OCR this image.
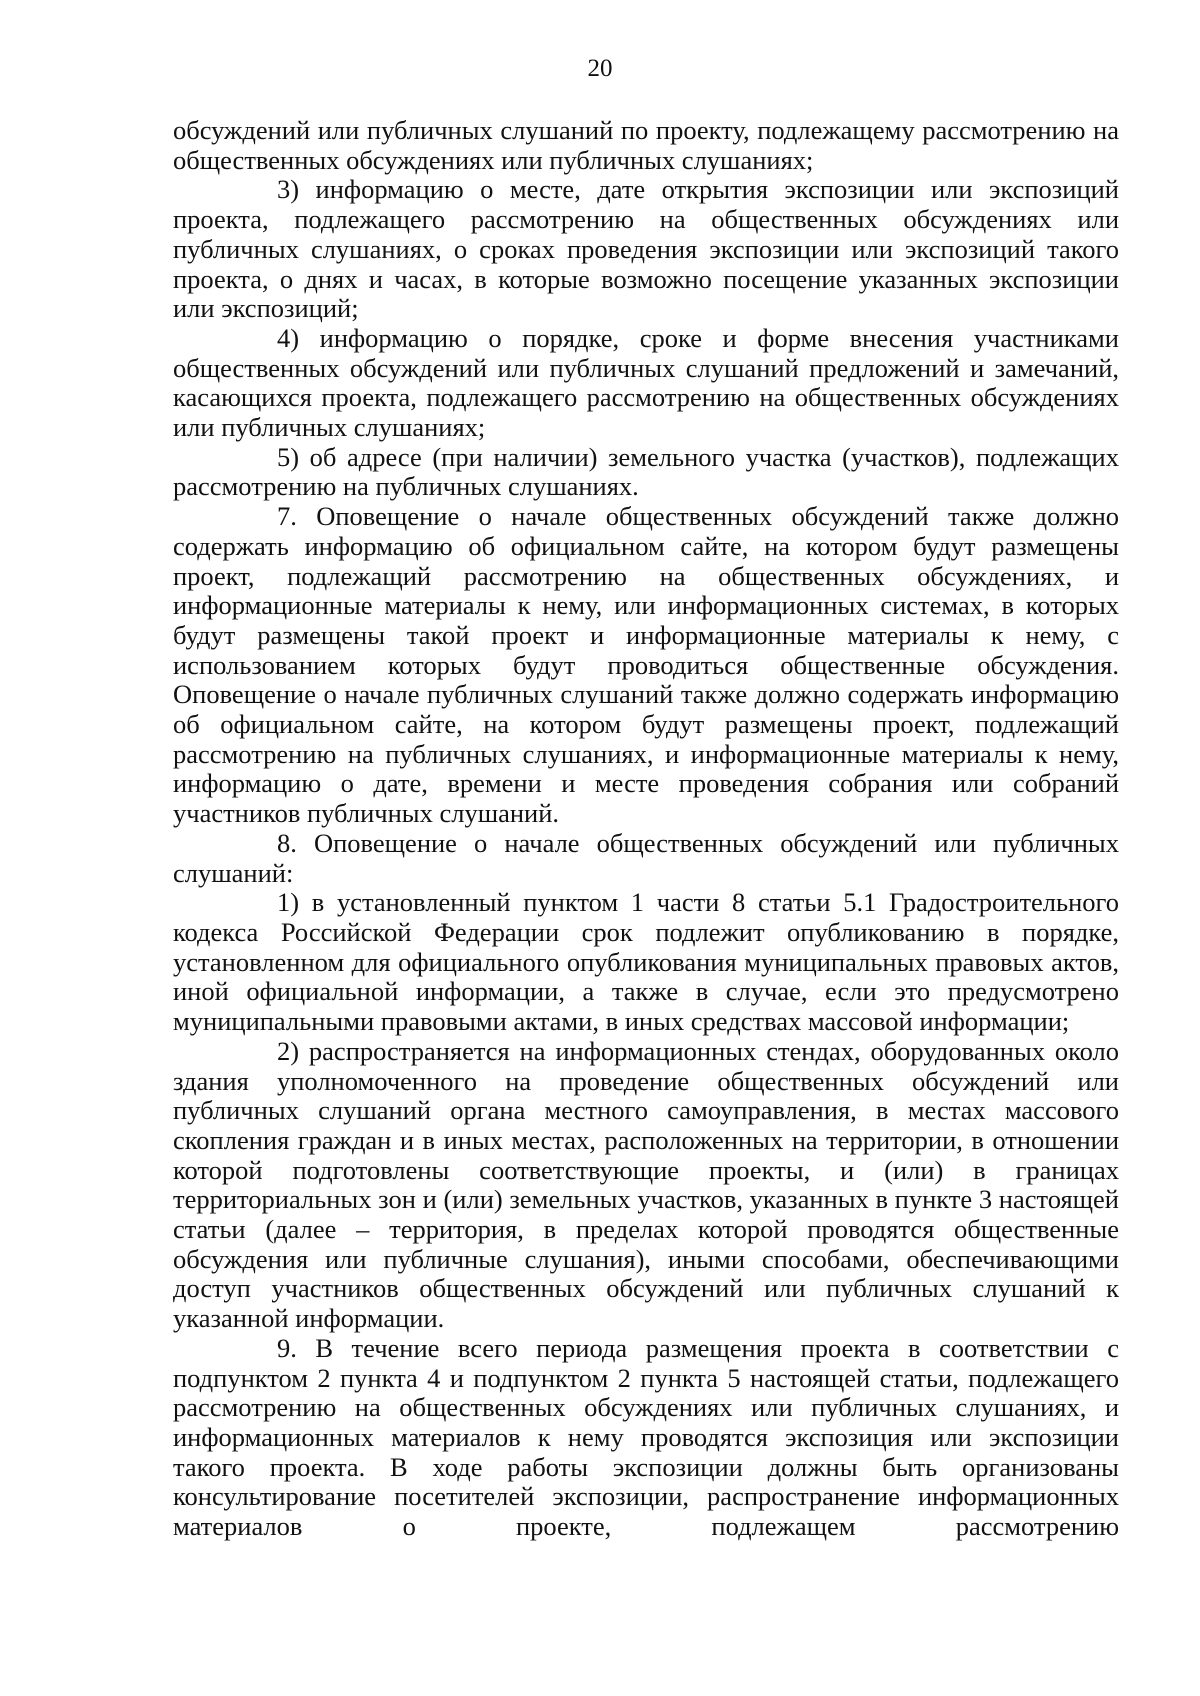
20

обсуждений или публичных слушаний по проекту, подлежащему рассмотрению на общественных обсуждениях или публичных слушаниях;

3) информацию о месте, дате открытия экспозиции или экспозиций проекта, подлежащего рассмотрению на общественных обсуждениях или публичных слушаниях, о сроках проведения экспозиции или экспозиций такого проекта, о днях и часах, в которые возможно посещение указанных экспозиции или экспозиций;

4) информацию о порядке, сроке и форме внесения участниками общественных обсуждений или публичных слушаний предложений и замечаний, касающихся проекта, подлежащего рассмотрению на общественных обсуждениях или публичных слушаниях;

5) об адресе (при наличии) земельного участка (участков), подлежащих рассмотрению на публичных слушаниях.

7. Оповещение о начале общественных обсуждений также должно содержать информацию об официальном сайте, на котором будут размещены проект, подлежащий рассмотрению на общественных обсуждениях, и информационные материалы к нему, или информационных системах, в которых будут размещены такой проект и информационные материалы к нему, с использованием которых будут проводиться общественные обсуждения. Оповещение о начале публичных слушаний также должно содержать информацию об официальном сайте, на котором будут размещены проект, подлежащий рассмотрению на публичных слушаниях, и информационные материалы к нему, информацию о дате, времени и месте проведения собрания или собраний участников публичных слушаний.

8. Оповещение о начале общественных обсуждений или публичных слушаний:

1) в установленный пунктом 1 части 8 статьи 5.1 Градостроительного кодекса Российской Федерации срок подлежит опубликованию в порядке, установленном для официального опубликования муниципальных правовых актов, иной официальной информации, а также в случае, если это предусмотрено муниципальными правовыми актами, в иных средствах массовой информации;

2) распространяется на информационных стендах, оборудованных около здания уполномоченного на проведение общественных обсуждений или публичных слушаний органа местного самоуправления, в местах массового скопления граждан и в иных местах, расположенных на территории, в отношении которой подготовлены соответствующие проекты, и (или) в границах территориальных зон и (или) земельных участков, указанных в пункте 3 настоящей статьи (далее – территория, в пределах которой проводятся общественные обсуждения или публичные слушания), иными способами, обеспечивающими доступ участников общественных обсуждений или публичных слушаний к указанной информации.

9. В течение всего периода размещения проекта в соответствии с подпунктом 2 пункта 4 и подпунктом 2 пункта 5 настоящей статьи, подлежащего рассмотрению на общественных обсуждениях или публичных слушаниях, и информационных материалов к нему проводятся экспозиция или экспозиции такого проекта. В ходе работы экспозиции должны быть организованы консультирование посетителей экспозиции, распространение информационных материалов о проекте, подлежащем рассмотрению
